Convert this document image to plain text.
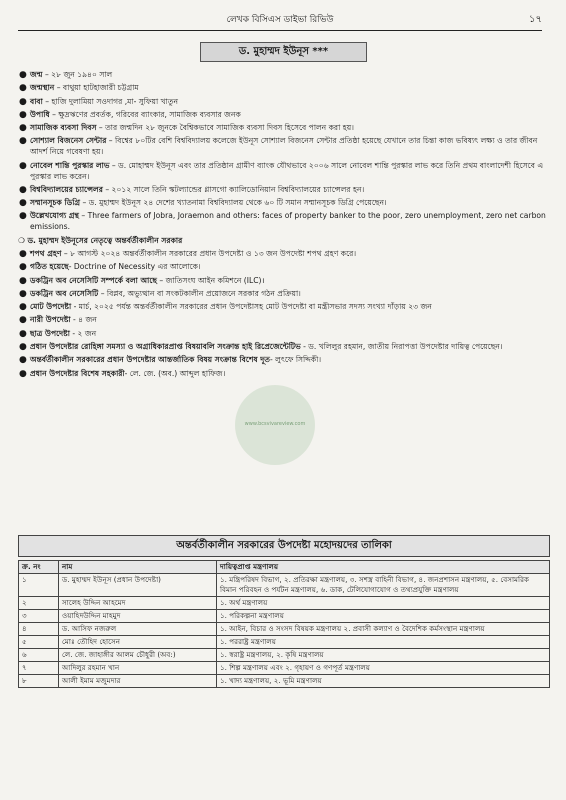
লেখক বিসিএস ডাইভা রিভিউ	১৭
ড. মুহাম্মদ ইউনূস ***
● জন্ম – ২৮ জুন ১৯৪০ সাল
● জন্মস্থান – বাথুয়া হাটহাজারী চট্টগ্রাম
● বাবা – হাজি দুলামিয়া সওদাগর ,মা- সুফিয়া খাতুন
● উপাধি – ক্ষুদ্রঋণের প্রবর্তক, গরিবের ব্যাংকার, সামাজিক ব্যবসার জনক
● সামাজিক ব্যবসা দিবস – তার জন্মদিন ২৮ জুনকে বৈশ্বিকভাবে সামাজিক ব্যবসা দিবস হিসেবে পালন করা হয়।
● সোশ্যাল বিজনেস সেন্টার – বিশ্বের ৮০টির বেশি বিশ্ববিদ্যালয় কলেজে ইউনূস সোশ্যাল বিজনেস সেন্টার প্রতিষ্ঠা হয়েছে যেখানে তার চিন্তা কাজ ভবিষ্যৎ লক্ষ্য ও তার জীবন আদর্শ নিয়ে গবেষণা হয়।
● নোবেল শান্তি পুরস্কার লাভ – ড. মোহাম্মদ ইউনূস এবং তার প্রতিষ্ঠান গ্রামীণ ব্যাংক যৌথভাবে ২০০৬ সালে নোবেল শান্তি পুরস্কার লাভ করে তিনি প্রথম বাংলাদেশী হিসেবে এ পুরস্কার লাভ করেন।
● বিশ্ববিদ্যালয়ের চ্যান্সেলর – ২০১২ সালে তিনি স্কটল্যান্ডের গ্লাসগো ক্যালিডোনিয়ান বিশ্ববিদ্যালয়ের চ্যান্সেলর হন।
● সম্মানসূচক ডিগ্রি – ড. মুহাম্মদ ইউনূস ২৪ দেশের খ্যাতনামা বিশ্ববিদ্যালয় থেকে ৬০ টি সমান সম্মানসূচক ডিগ্রি পেয়েছেন।
● উল্লেখযোগ্য গ্রন্থ – Three farmers of Jobra, Joraemon and others: faces of property banker to the poor, zero unemployment, zero net carbon emissions.
❍ ড. মুহাম্মদ ইউনূসের নেতৃত্বে অন্তর্বর্তীকালীন সরকার
● শপথ গ্রহণ – ৮ আগস্ট ২০২৪ অন্তর্বর্তীকালীন সরকারের প্রধান উপদেষ্টা ও ১৩ জন উপদেষ্টা শপথ গ্রহণ করে।
● গঠিত হয়েছে- Doctrine of Necessity এর আলোকে।
● ডকট্রিন অব নেসেসিটি সম্পর্কে বলা আছে – জাতিসংঘ আইন কমিশনে (ILC)।
● ডকট্রিন অব নেসেসিটি – বিপ্লব, অভ্যুত্থান বা সংকটকালীন প্রয়োজনে সরকার গঠন প্রক্রিয়া।
● মোট উপদেষ্টা - মার্চ, ২০২৫ পর্যন্ত অন্তর্বর্তীকালীন সরকারের প্রধান উপদেষ্টাসহ মোট উপদেষ্টা বা মন্ত্রীসভার সদস্য সংখ্যা দাঁড়ায় ২৩ জন
● নারী উপদেষ্টা - ৪ জন
● ছাত্র উপদেষ্টা - ২ জন
● প্রধান উপদেষ্টার রোহিঙ্গা সমস্যা ও অগ্রাধিকারপ্রাপ্ত বিষয়াবলি সংক্রান্ত হাই রিপ্রেজেন্টেটিভ - ড. খলিলুর রহমান, জাতীয় নিরাপত্তা উপদেষ্টার দায়িত্ব পেয়েছেন।
● অন্তর্বর্তীকালীন সরকারের প্রধান উপদেষ্টার আন্তর্জাতিক বিষয় সংক্রান্ত বিশেষ দূত- লুৎফে সিদ্দিকী।
● প্রধান উপদেষ্টার বিশেষ সহকারী- লে. জে. (অব.) আব্দুল হাফিজ।
www.bcsvivareview.com
অন্তর্বর্তীকালীন সরকারের উপদেষ্টা মহোদয়দের তালিকা
ক্র. নং	নাম	দায়িত্বপ্রাপ্ত মন্ত্রণালয়
১	ড. মুহাম্মদ ইউনূস (প্রধান উপদেষ্টা)	১. মন্ত্রিপরিষদ বিভাগ, ২. প্রতিরক্ষা মন্ত্রণালয়, ৩. সশস্ত্র বাহিনী বিভাগ, ৪. জনপ্রশাসন মন্ত্রণালয়, ৫. বেসামরিক বিমান পরিবহন ও পর্যটন মন্ত্রণালয়, ৬. ডাক, টেলিযোগাযোগ ও তথ্যপ্রযুক্তি মন্ত্রণালয়
২	সালেহ উদ্দিন আহমেদ	১. অর্থ মন্ত্রণালয়
৩	ওয়াহিদউদ্দিন মাহমুদ	১. পরিকল্পনা মন্ত্রণালয়
৪	ড. আসিফ নজরুল	১. আইন, বিচার ও সংসদ বিষয়ক মন্ত্রণালয় ২. প্রবাসী কল্যাণ ও বৈদেশিক কর্মসংস্থান মন্ত্রণালয়
৫	মোঃ তৌহিদ হোসেন	১. পররাষ্ট্র মন্ত্রণালয়
৬	লে. জে. জাহাঙ্গীর আলম চৌধুরী (অব:)	১. স্বরাষ্ট্র মন্ত্রণালয়, ২. কৃষি মন্ত্রণালয়
৭	আদিলুর রহমান খান	১. শিল্প মন্ত্রণালয় এবং ২. গৃহায়ণ ও গণপূর্ত মন্ত্রণালয়
৮	আলী ইমাম মজুমদার	১. খাদ্য মন্ত্রণালয়, ২. ভূমি মন্ত্রণালয়
